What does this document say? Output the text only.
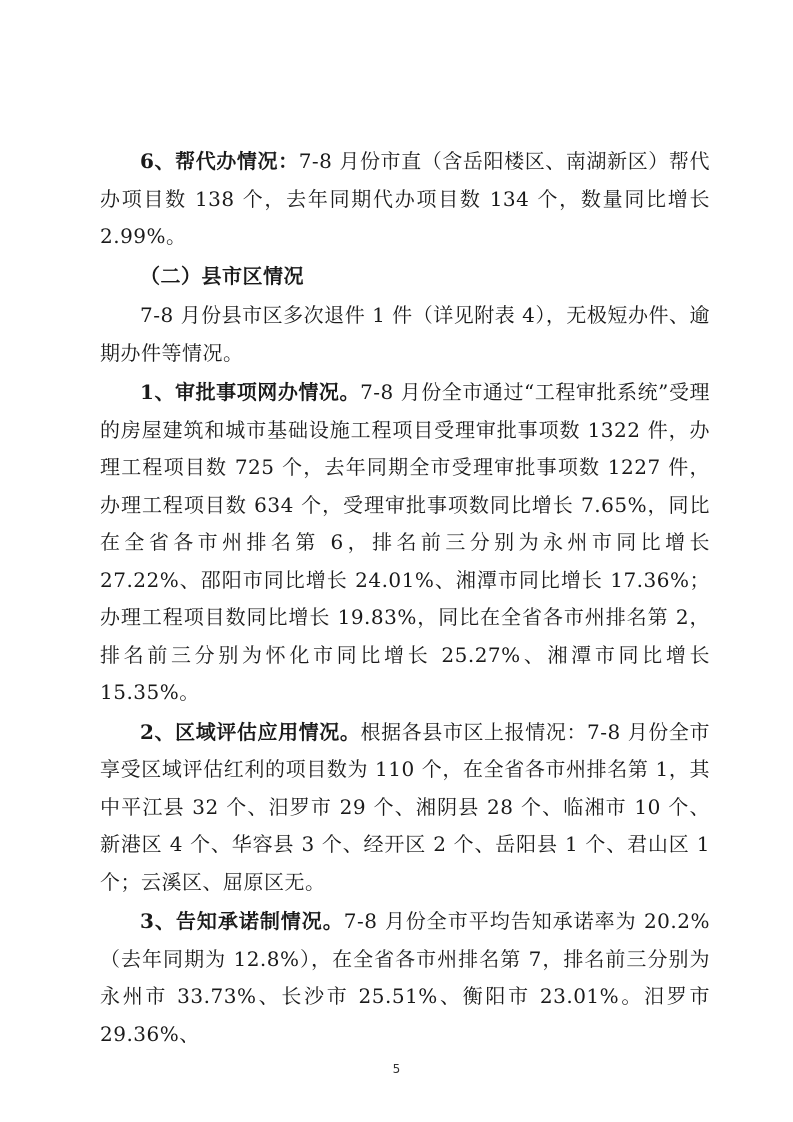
6、帮代办情况：7-8 月份市直（含岳阳楼区、南湖新区）帮代办项目数 138 个，去年同期代办项目数 134 个，数量同比增长 2.99%。

（二）县市区情况

7-8 月份县市区多次退件 1 件（详见附表 4），无极短办件、逾期办件等情况。

1、审批事项网办情况。7-8 月份全市通过“工程审批系统”受理的房屋建筑和城市基础设施工程项目受理审批事项数 1322 件，办理工程项目数 725 个，去年同期全市受理审批事项数 1227 件，办理工程项目数 634 个，受理审批事项数同比增长 7.65%，同比在全省各市州排名第 6，排名前三分别为永州市同比增长 27.22%、邵阳市同比增长 24.01%、湘潭市同比增长 17.36%；办理工程项目数同比增长 19.83%，同比在全省各市州排名第 2，排名前三分别为怀化市同比增长 25.27%、湘潭市同比增长 15.35%。

2、区域评估应用情况。根据各县市区上报情况：7-8 月份全市享受区域评估红利的项目数为 110 个，在全省各市州排名第 1，其中平江县 32 个、汨罗市 29 个、湘阴县 28 个、临湘市 10 个、新港区 4 个、华容县 3 个、经开区 2 个、岳阳县 1 个、君山区 1 个；云溪区、屈原区无。

3、告知承诺制情况。7-8 月份全市平均告知承诺率为 20.2%（去年同期为 12.8%），在全省各市州排名第 7，排名前三分别为永州市 33.73%、长沙市 25.51%、衡阳市 23.01%。汨罗市 29.36%、

5
